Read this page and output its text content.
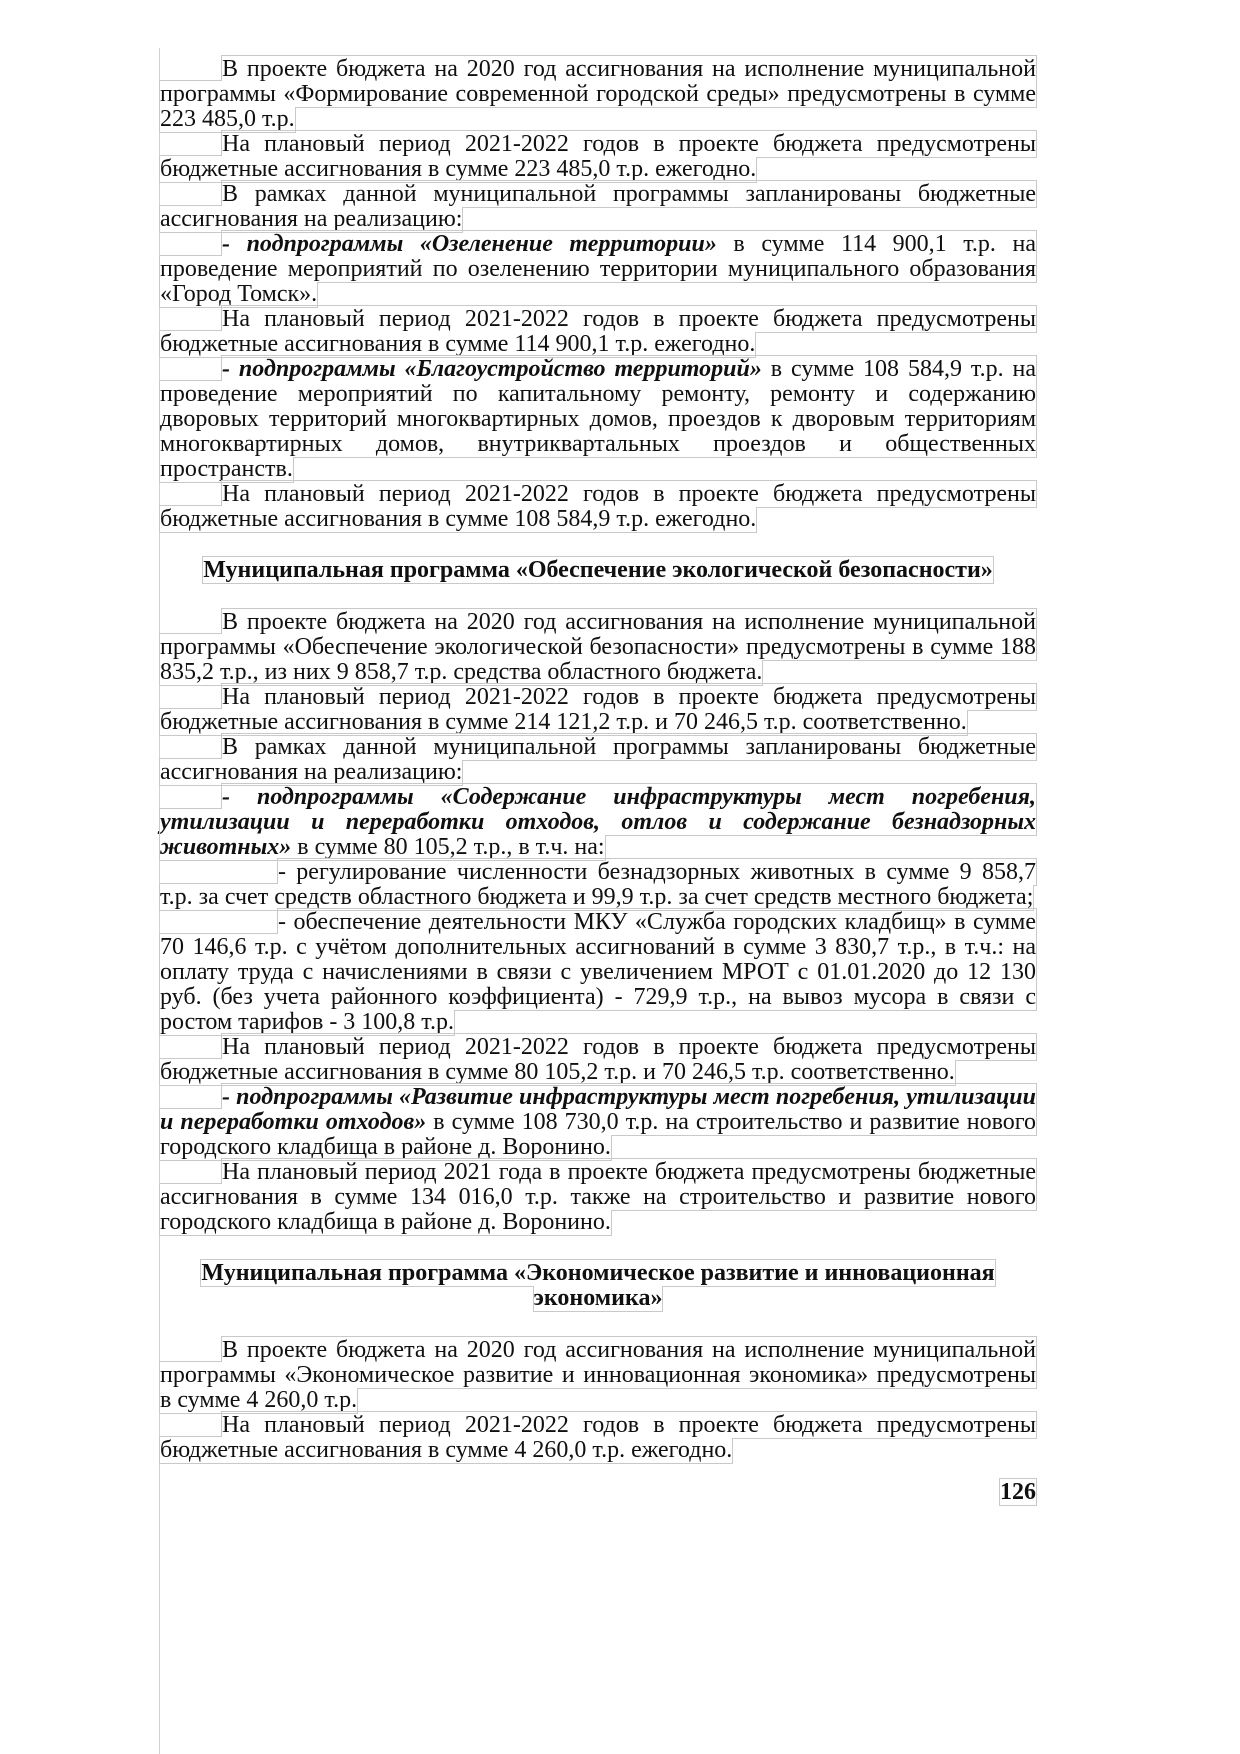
В проекте бюджета на 2020 год ассигнования на исполнение муниципальной программы «Формирование современной городской среды» предусмотрены в сумме 223 485,0 т.р.

На плановый период 2021-2022 годов в проекте бюджета предусмотрены бюджетные ассигнования в сумме 223 485,0 т.р. ежегодно.

В рамках данной муниципальной программы запланированы бюджетные ассигнования на реализацию:

- подпрограммы «Озеленение территории» в сумме 114 900,1 т.р. на проведение мероприятий по озеленению территории муниципального образования «Город Томск».

На плановый период 2021-2022 годов в проекте бюджета предусмотрены бюджетные ассигнования в сумме 114 900,1 т.р. ежегодно.

- подпрограммы «Благоустройство территорий» в сумме 108 584,9 т.р. на проведение мероприятий по капитальному ремонту, ремонту и содержанию дворовых территорий многоквартирных домов, проездов к дворовым территориям многоквартирных домов, внутриквартальных проездов и общественных пространств.

На плановый период 2021-2022 годов в проекте бюджета предусмотрены бюджетные ассигнования в сумме 108 584,9 т.р. ежегодно.

Муниципальная программа «Обеспечение экологической безопасности»

В проекте бюджета на 2020 год ассигнования на исполнение муниципальной программы «Обеспечение экологической безопасности» предусмотрены в сумме 188 835,2 т.р., из них 9 858,7 т.р. средства областного бюджета.

На плановый период 2021-2022 годов в проекте бюджета предусмотрены бюджетные ассигнования в сумме 214 121,2 т.р. и 70 246,5 т.р. соответственно.

В рамках данной муниципальной программы запланированы бюджетные ассигнования на реализацию:

- подпрограммы «Содержание инфраструктуры мест погребения, утилизации и переработки отходов, отлов и содержание безнадзорных животных» в сумме 80 105,2 т.р., в т.ч. на:

- регулирование численности безнадзорных животных в сумме 9 858,7 т.р. за счет средств областного бюджета и 99,9 т.р. за счет средств местного бюджета;

- обеспечение деятельности МКУ «Служба городских кладбищ» в сумме 70 146,6 т.р. с учётом дополнительных ассигнований в сумме 3 830,7 т.р., в т.ч.: на оплату труда с начислениями в связи с увеличением МРОТ с 01.01.2020 до 12 130 руб. (без учета районного коэффициента) - 729,9 т.р., на вывоз мусора в связи с ростом тарифов - 3 100,8 т.р.

На плановый период 2021-2022 годов в проекте бюджета предусмотрены бюджетные ассигнования в сумме 80 105,2 т.р. и 70 246,5 т.р. соответственно.

- подпрограммы «Развитие инфраструктуры мест погребения, утилизации и переработки отходов» в сумме 108 730,0 т.р. на строительство и развитие нового городского кладбища в районе д. Воронино.

На плановый период 2021 года в проекте бюджета предусмотрены бюджетные ассигнования в сумме 134 016,0 т.р. также на строительство и развитие нового городского кладбища в районе д. Воронино.

Муниципальная программа «Экономическое развитие и инновационная экономика»

В проекте бюджета на 2020 год ассигнования на исполнение муниципальной программы «Экономическое развитие и инновационная экономика» предусмотрены в сумме 4 260,0 т.р.

На плановый период 2021-2022 годов в проекте бюджета предусмотрены бюджетные ассигнования в сумме 4 260,0 т.р. ежегодно.

126
